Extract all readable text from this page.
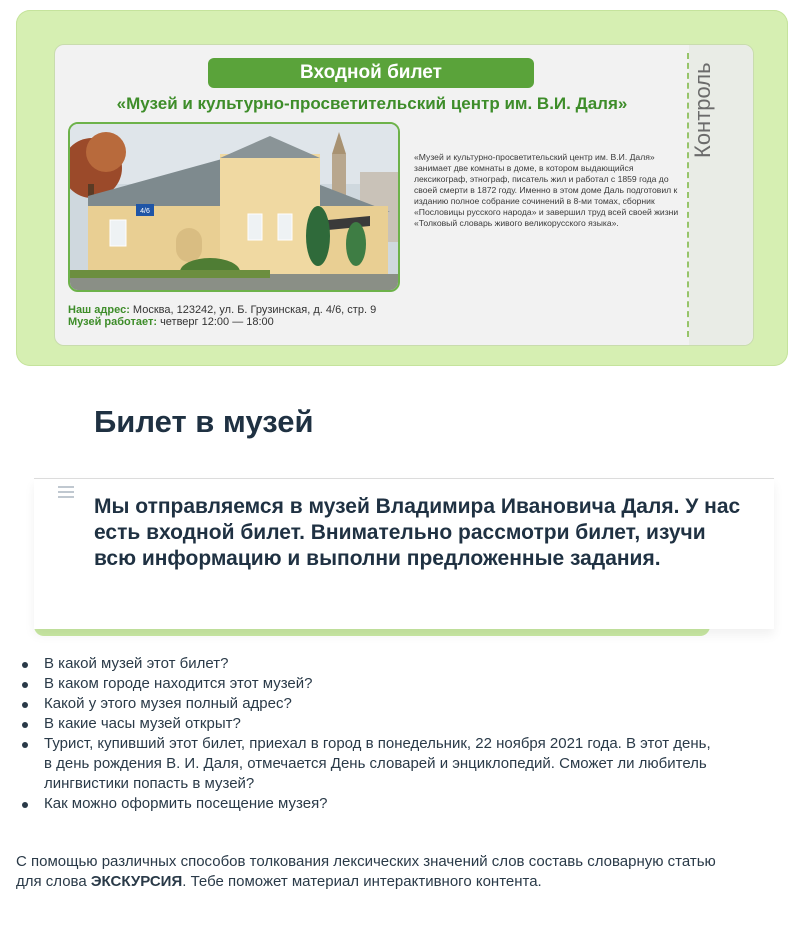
Контроль
Входной билет
«Музей и культурно-просветительский центр им. В.И. Даля»
4/6
«Музей и культурно-просветительский центр им. В.И. Даля» занимает две комнаты в доме, в котором выдающийся лексикограф, этнограф, писатель жил и работал с 1859 года до своей смерти в 1872 году. Именно в этом доме Даль подготовил к изданию полное собрание сочинений в 8-ми томах, сборник «Пословицы русского народа» и завершил труд всей своей жизни «Толковый словарь живого великорусского языка».
Наш адрес: Москва, 123242, ул. Б. Грузинская, д. 4/6, стр. 9
Музей работает: четверг 12:00 — 18:00
Билет в музей
Мы отправляемся в музей Владимира Ивановича Даля. У нас есть входной билет. Внимательно рассмотри билет, изучи всю информацию и выполни предложенные задания.
В какой музей этот билет?
В каком городе находится этот музей?
Какой у этого музея полный адрес?
В какие часы музей открыт?
Турист, купивший этот билет, приехал в город в понедельник, 22 ноября 2021 года. В этот день, в день рождения В. И. Даля, отмечается День словарей и энциклопедий. Сможет ли любитель лингвистики попасть в музей?
Как можно оформить посещение музея?
С помощью различных способов толкования лексических значений слов составь словарную статью для слова ЭКСКУРСИЯ. Тебе поможет материал интерактивного контента.
